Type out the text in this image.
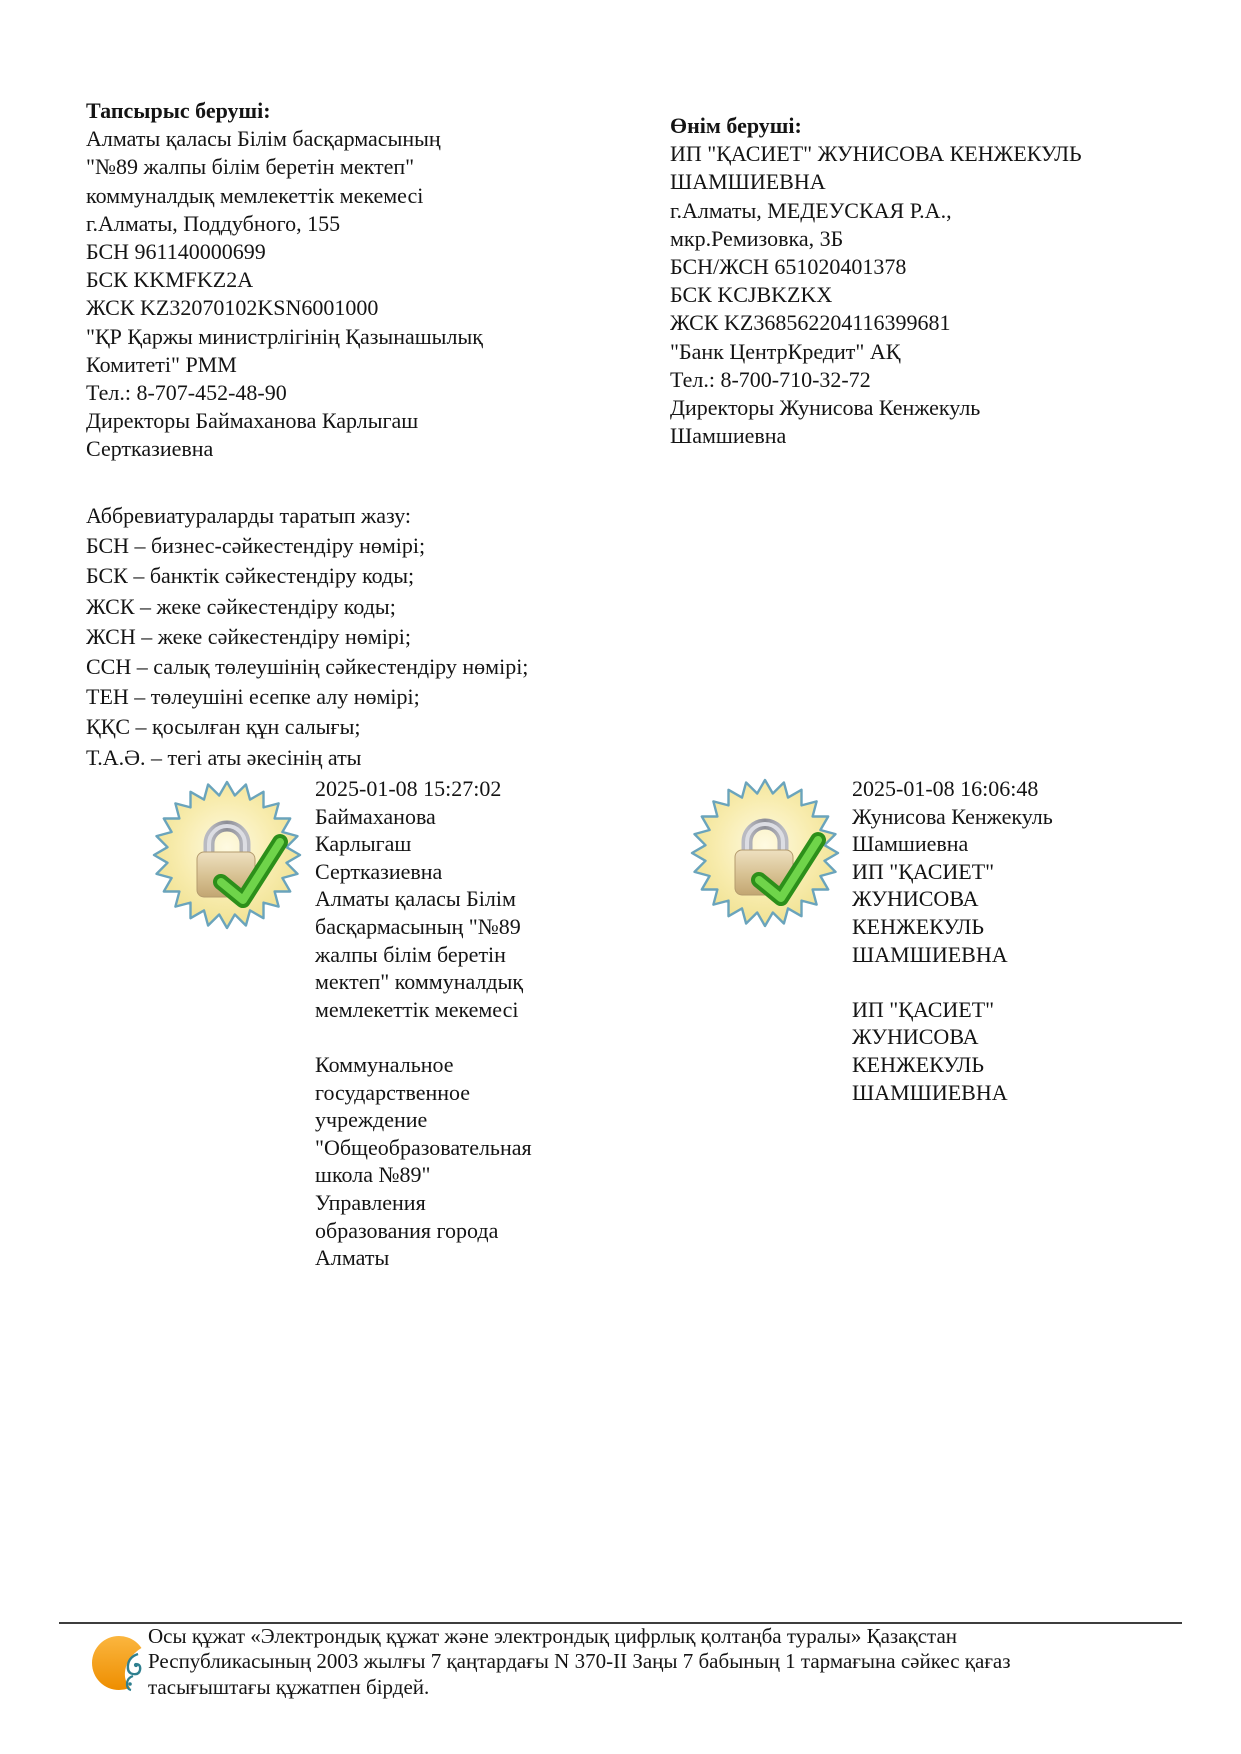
Тапсырыс беруші:
Алматы қаласы Білім басқармасының
"№89 жалпы білім беретін мектеп"
коммуналдық мемлекеттік мекемесі
г.Алматы, Поддубного, 155
БСН 961140000699
БСК KKMFKZ2A
ЖСК KZ32070102KSN6001000
"ҚР Қаржы министрлігінің Қазынашылық
Комитеті" РММ
Тел.: 8-707-452-48-90
Директоры Баймаханова Карлыгаш
Сертказиевна
Өнім беруші:
ИП "ҚАСИЕТ" ЖУНИСОВА КЕНЖЕКУЛЬ
ШАМШИЕВНА
г.Алматы, МЕДЕУСКАЯ Р.А.,
мкр.Ремизовка, 3Б
БСН/ЖСН 651020401378
БСК KCJBKZKX
ЖСК KZ368562204116399681
"Банк ЦентрКредит" АҚ
Тел.: 8-700-710-32-72
Директоры Жунисова Кенжекуль
Шамшиевна
Аббревиатураларды таратып жазу:
БСН – бизнес-сәйкестендіру нөмірі;
БСК – банктік сәйкестендіру коды;
ЖСК – жеке сәйкестендіру коды;
ЖСН – жеке сәйкестендіру нөмірі;
ССН – салық төлеушінің сәйкестендіру нөмірі;
ТЕН – төлеушіні есепке алу нөмірі;
ҚҚС – қосылған құн салығы;
Т.А.Ә. – тегі аты әкесінің аты
2025-01-08 15:27:02
Баймаханова
Карлыгаш
Сертказиевна
Алматы қаласы Білім
басқармасының "№89
жалпы білім беретін
мектеп" коммуналдық
мемлекеттік мекемесі

Коммунальное
государственное
учреждение
"Общеобразовательная
школа №89"
Управления
образования города
Алматы
2025-01-08 16:06:48
Жунисова Кенжекуль
Шамшиевна
ИП "ҚАСИЕТ"
ЖУНИСОВА
КЕНЖЕКУЛЬ
ШАМШИЕВНА

ИП "ҚАСИЕТ"
ЖУНИСОВА
КЕНЖЕКУЛЬ
ШАМШИЕВНА
Осы құжат «Электрондық құжат және электрондық цифрлық қолтаңба туралы» Қазақстан
Республикасының 2003 жылғы 7 қаңтардағы N 370-II Заңы 7 бабының 1 тармағына сәйкес қағаз
тасығыштағы құжатпен бірдей.
